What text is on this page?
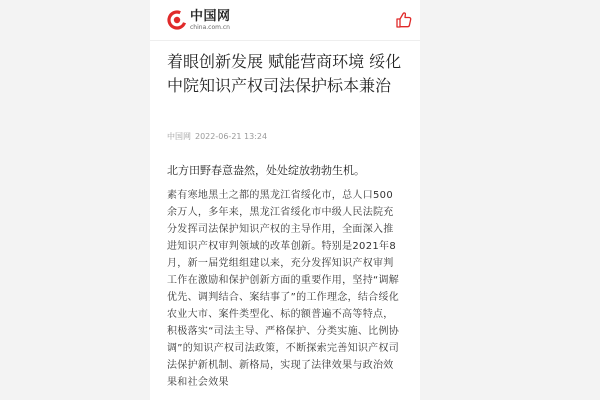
中国网
china.com.cn
着眼创新发展 赋能营商环境 绥化中院知识产权司法保护标本兼治
中国网 2022-06-21 13:24

北方田野春意盎然，处处绽放勃勃生机。

素有寒地黑土之都的黑龙江省绥化市，总人口500余万人，多年来，黑龙江省绥化市中级人民法院充分发挥司法保护知识产权的主导作用，全面深入推进知识产权审判领域的改革创新。特别是2021年8月，新一届党组组建以来，充分发挥知识产权审判工作在激励和保护创新方面的重要作用，坚持“调解优先、调判结合、案结事了”的工作理念，结合绥化农业大市、案件类型化、标的额普遍不高等特点，积极落实“司法主导、严格保护、分类实施、比例协调”的知识产权司法政策，不断探索完善知识产权司法保护新机制、新格局，实现了法律效果与政治效果和社会效果
